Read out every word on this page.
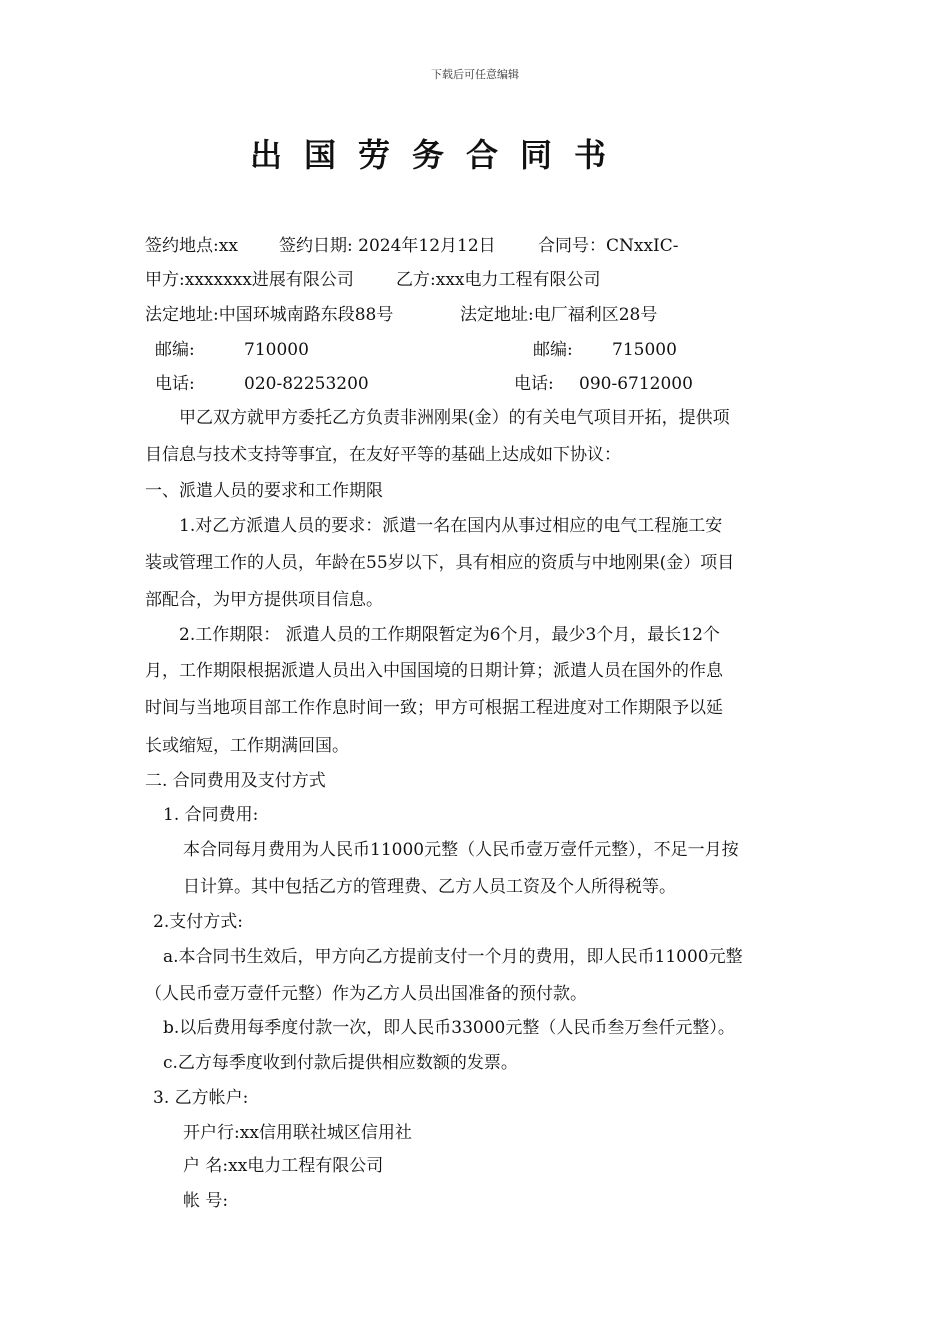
下载后可任意编辑
出国劳务合同书
签约地点:xx 签约日期: 2024年12月12日 合同号：CNxxIC-
甲方:xxxxxxx进展有限公司 乙方:xxx电力工程有限公司
法定地址:中国环城南路东段88号	法定地址:电厂福利区28号
邮编:	710000	邮编: 715000
电话:	020-82253200	电话: 090-6712000
甲乙双方就甲方委托乙方负责非洲刚果(金）的有关电气项目开拓，提供项
目信息与技术支持等事宜，在友好平等的基础上达成如下协议：
一、派遣人员的要求和工作期限
1.对乙方派遣人员的要求：派遣一名在国内从事过相应的电气工程施工安
装或管理工作的人员，年龄在55岁以下，具有相应的资质与中地刚果(金）项目
部配合，为甲方提供项目信息。
2.工作期限： 派遣人员的工作期限暂定为6个月，最少3个月，最长12个
月，工作期限根据派遣人员出入中国国境的日期计算；派遣人员在国外的作息
时间与当地项目部工作作息时间一致；甲方可根据工程进度对工作期限予以延
长或缩短，工作期满回国。
二. 合同费用及支付方式
1. 合同费用:
本合同每月费用为人民币11000元整（人民币壹万壹仟元整），不足一月按
日计算。其中包括乙方的管理费、乙方人员工资及个人所得税等。
2.支付方式:
a.本合同书生效后，甲方向乙方提前支付一个月的费用，即人民币11000元整
（人民币壹万壹仟元整）作为乙方人员出国准备的预付款。
b.以后费用每季度付款一次，即人民币33000元整（人民币叁万叁仟元整）。
c.乙方每季度收到付款后提供相应数额的发票。
3. 乙方帐户:
开户行:xx信用联社城区信用社
户 名:xx电力工程有限公司
帐 号:
